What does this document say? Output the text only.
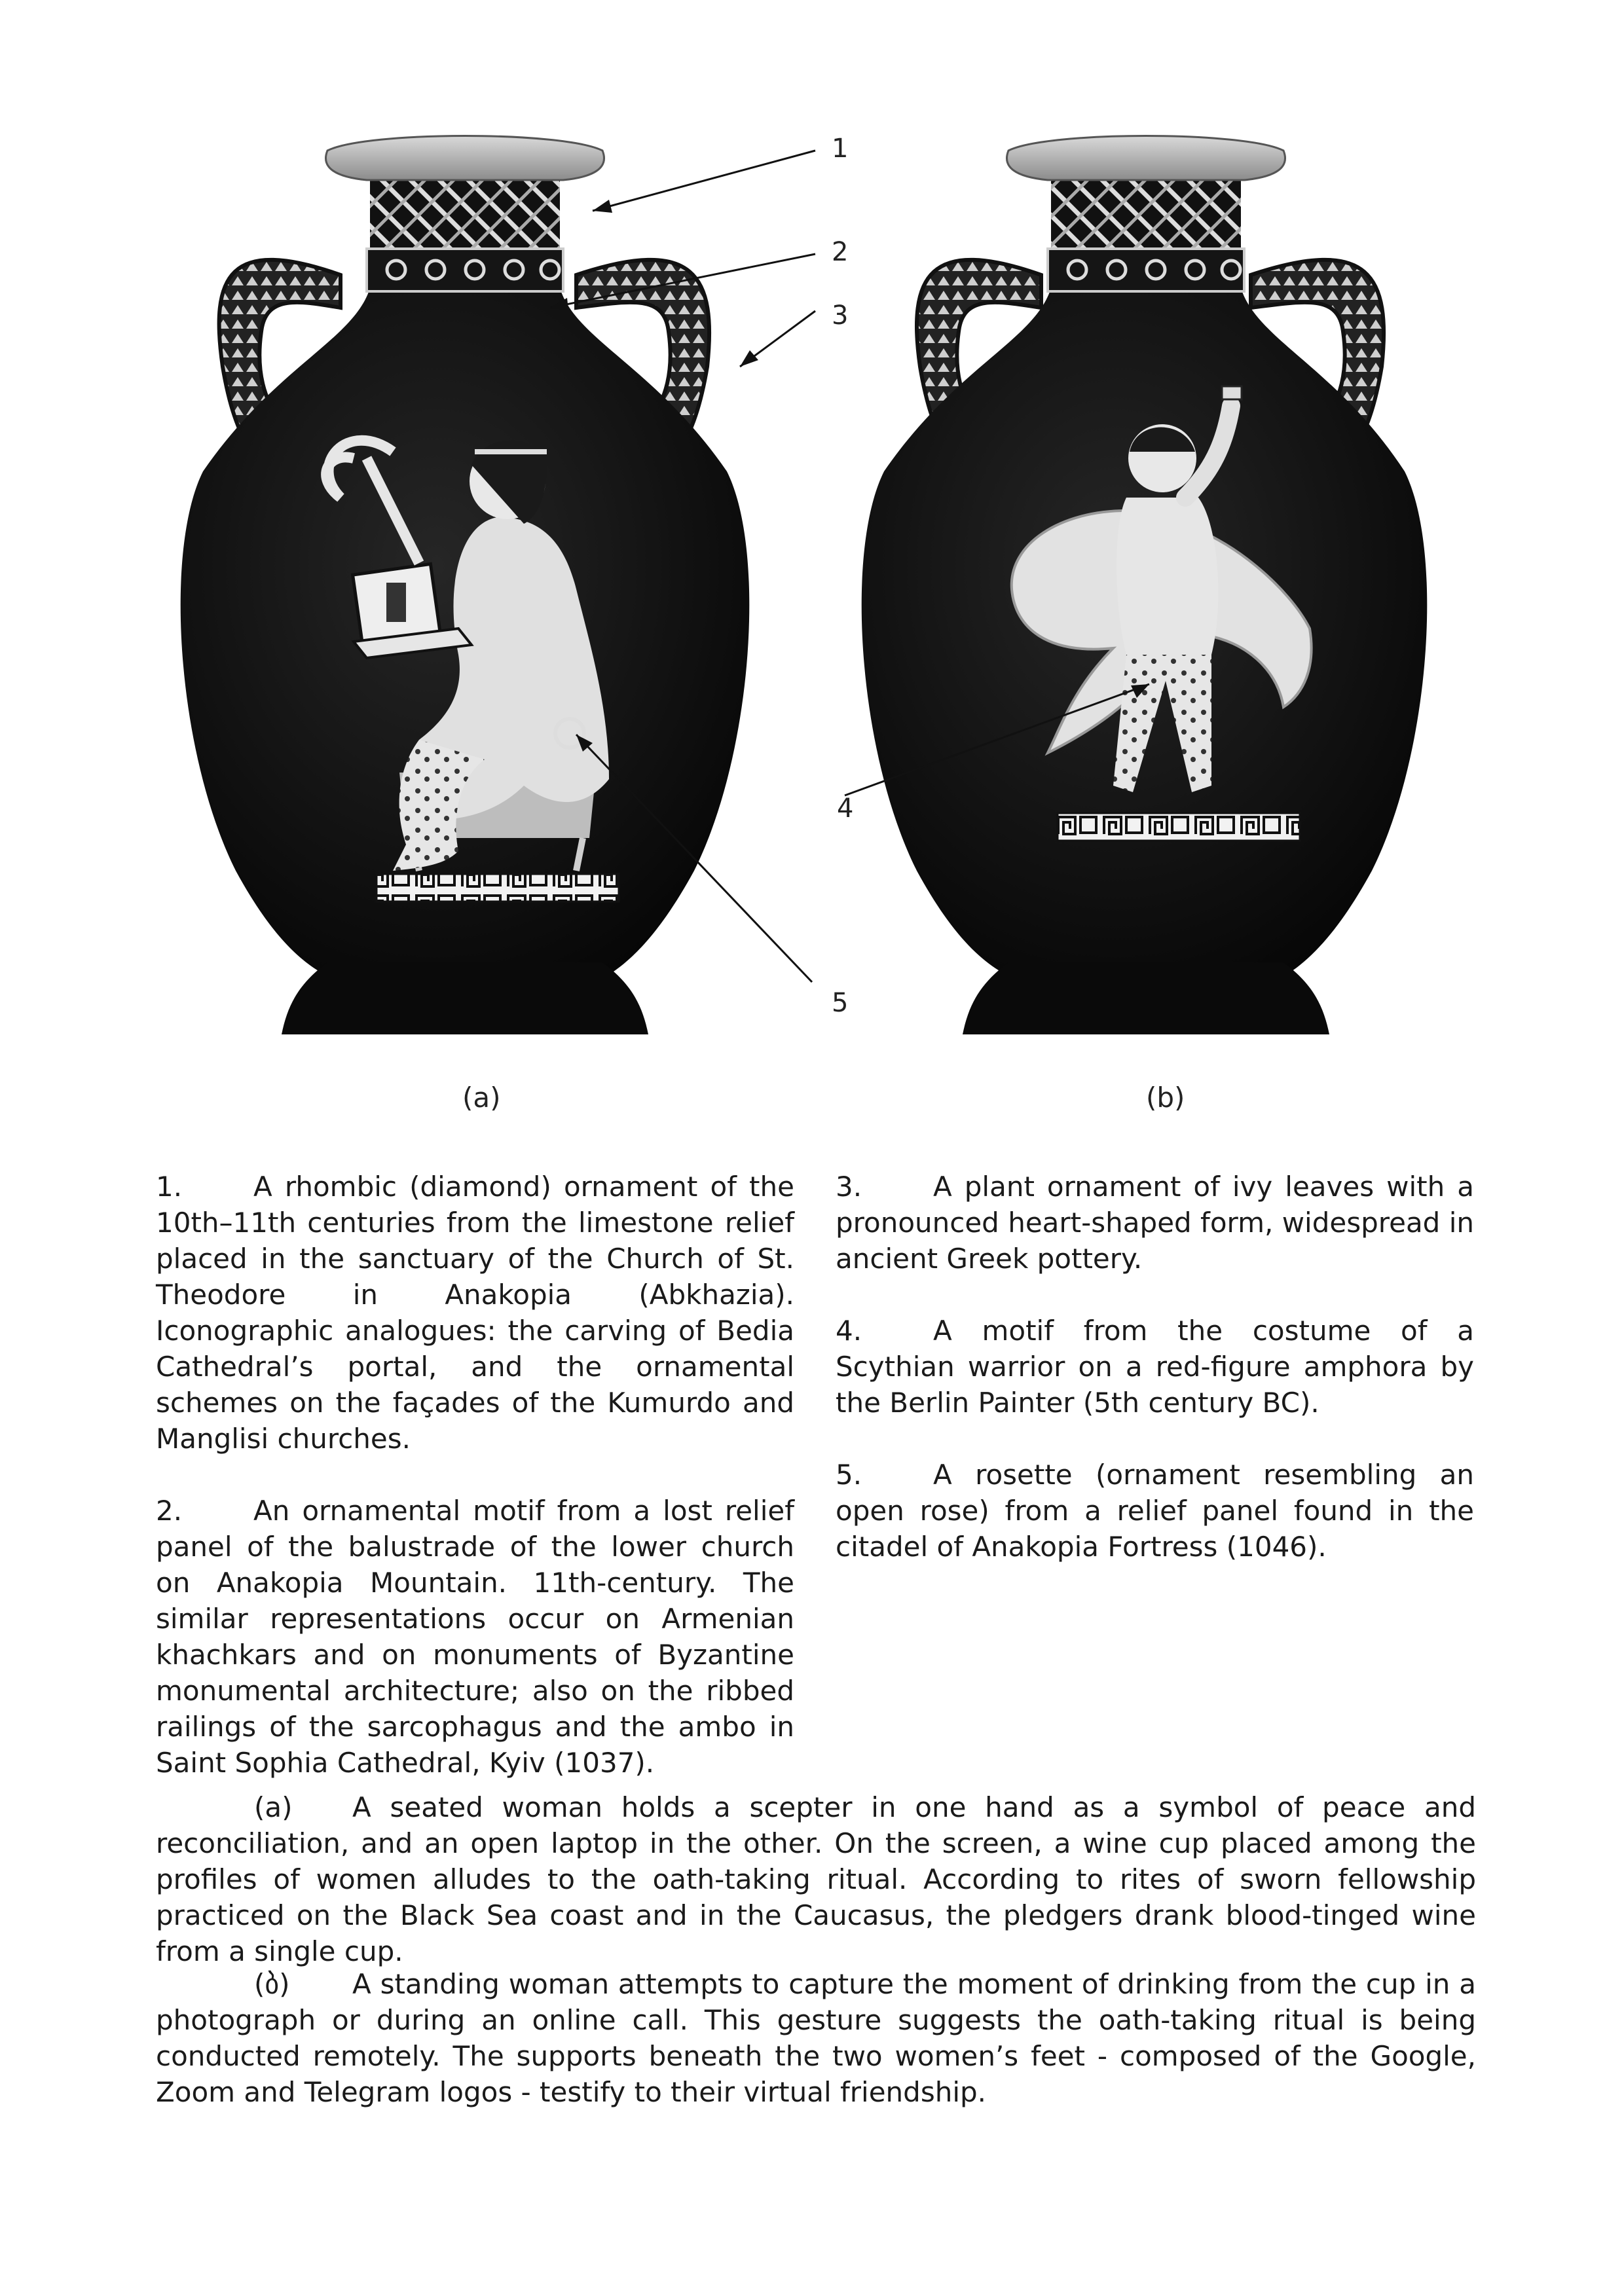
1
2
3
4
5
(a)	(b)

1.	A rhombic (diamond) ornament of the 10th–11th centuries from the limestone relief placed in the sanctuary of the Church of St. Theodore in Anakopia (Abkhazia). Iconographic analogues: the carving of Bedia Cathedral’s portal, and the ornamental schemes on the façades of the Kumurdo and Manglisi churches.

2.	An ornamental motif from a lost relief panel of the balustrade of the lower church on Anakopia Mountain. 11th-century. The similar representations occur on Armenian khachkars and on monuments of Byzantine monumental architecture; also on the ribbed railings of the sarcophagus and the ambo in Saint Sophia Cathedral, Kyiv (1037).

3.	A plant ornament of ivy leaves with a pronounced heart-shaped form, widespread in ancient Greek pottery.

4.	A motif from the costume of a Scythian warrior on a red-figure amphora by the Berlin Painter (5th century BC).

5.	A rosette (ornament resembling an open rose) from a relief panel found in the citadel of Anakopia Fortress (1046).

(a) A seated woman holds a scepter in one hand as a symbol of peace and reconciliation, and an open laptop in the other. On the screen, a wine cup placed among the profiles of women alludes to the oath-taking ritual. According to rites of sworn fellowship practiced on the Black Sea coast and in the Caucasus, the pledgers drank blood-tinged wine from a single cup.

(ბ) A standing woman attempts to capture the moment of drinking from the cup in a photograph or during an online call. This gesture suggests the oath-taking ritual is being conducted remotely. The supports beneath the two women’s feet - composed of the Google, Zoom and Telegram logos - testify to their virtual friendship.
